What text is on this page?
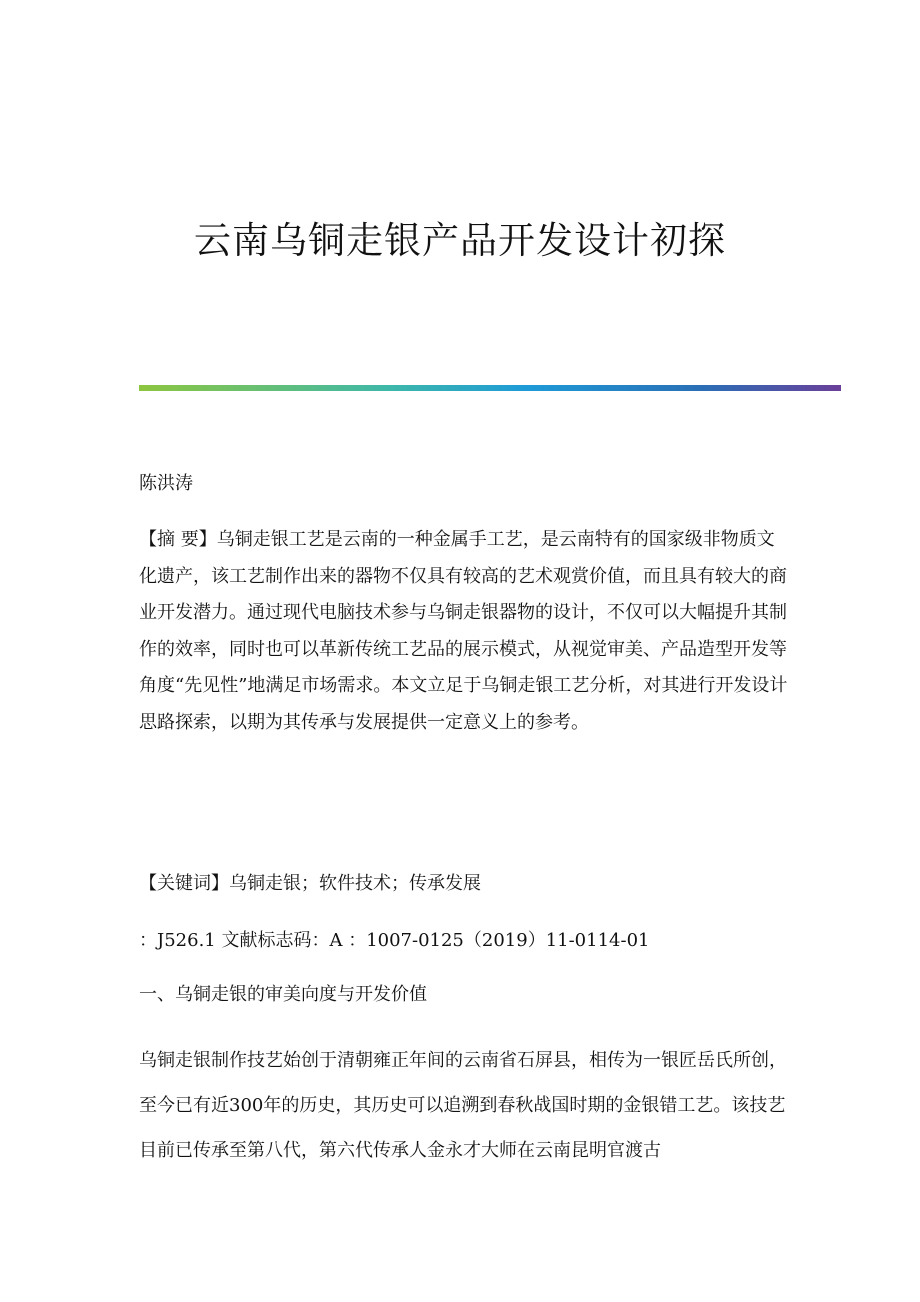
云南乌铜走银产品开发设计初探

陈洪涛

【摘 要】乌铜走银工艺是云南的一种金属手工艺，是云南特有的国家级非物质文化遗产，该工艺制作出来的器物不仅具有较高的艺术观赏价值，而且具有较大的商业开发潜力。通过现代电脑技术参与乌铜走银器物的设计，不仅可以大幅提升其制作的效率，同时也可以革新传统工艺品的展示模式，从视觉审美、产品造型开发等角度“先见性”地满足市场需求。本文立足于乌铜走银工艺分析，对其进行开发设计思路探索，以期为其传承与发展提供一定意义上的参考。

【关键词】乌铜走银；软件技术；传承发展

：J526.1 文献标志码：A ：1007-0125（2019）11-0114-01

一、乌铜走银的审美向度与开发价值

乌铜走银制作技艺始创于清朝雍正年间的云南省石屏县，相传为一银匠岳氏所创，至今已有近300年的历史，其历史可以追溯到春秋战国时期的金银错工艺。该技艺目前已传承至第八代，第六代传承人金永才大师在云南昆明官渡古
